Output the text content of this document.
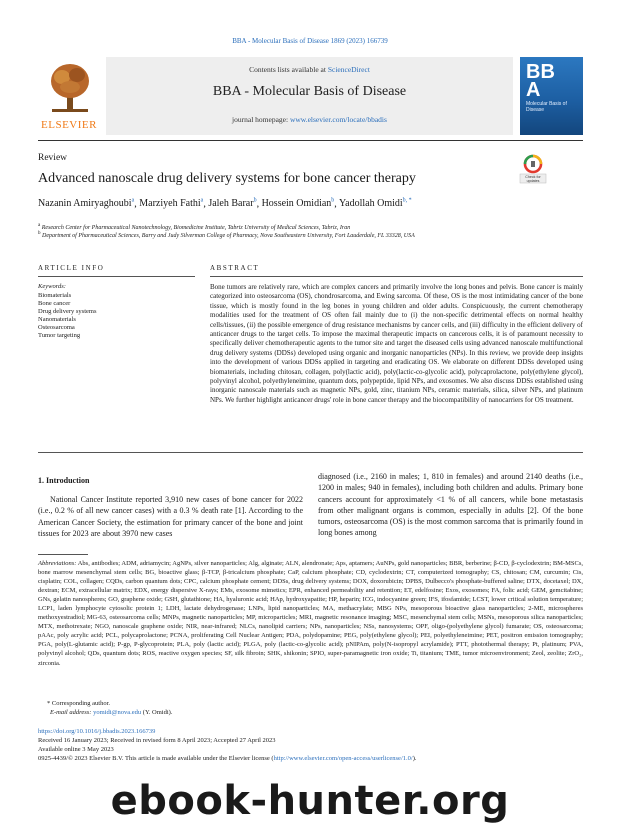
BBA - Molecular Basis of Disease 1869 (2023) 166739
ELSEVIER
Contents lists available at ScienceDirect
BBA - Molecular Basis of Disease
journal homepage: www.elsevier.com/locate/bbadis
BB
A
Molecular Basis of Disease
Review
Check for
updates
Advanced nanoscale drug delivery systems for bone cancer therapy
Nazanin Amiryaghoubi$^a$, Marziyeh Fathi$^a$, Jaleh Barar$^b$, Hossein Omidian$^b$, Yadollah Omidi$^{b, *}$
$^a$ Research Center for Pharmaceutical Nanotechnology, Biomedicine Institute, Tabriz University of Medical Sciences, Tabriz, Iran
$^b$ Department of Pharmaceutical Sciences, Barry and Judy Silverman College of Pharmacy, Nova Southeastern University, Fort Lauderdale, FL 33328, USA
ARTICLE INFO	ABSTRACT
Keywords:
Biomaterials
Bone cancer
Drug delivery systems
Nanomaterials
Osteosarcoma
Tumor targeting
Bone tumors are relatively rare, which are complex cancers and primarily involve the long bones and pelvis. Bone cancer is mainly categorized into osteosarcoma (OS), chondrosarcoma, and Ewing sarcoma. Of these, OS is the most intimidating cancer of the bone tissue, which is mostly found in the leg bones in young children and older adults. Conspicuously, the current chemotherapy modalities used for the treatment of OS often fail mainly due to (i) the non-specific detrimental effects on normal healthy cells/tissues, (ii) the possible emergence of drug resistance mechanisms by cancer cells, and (iii) difficulty in the efficient delivery of anticancer drugs to the target cells. To impose the maximal therapeutic impacts on cancerous cells, it is of paramount necessity to specifically deliver chemotherapeutic agents to the tumor site and target the diseased cells using advanced nanoscale multifunctional drug delivery systems (DDSs) developed using organic and inorganic nanoparticles (NPs). In this review, we provide deep insights into the development of various DDSs applied in targeting and eradicating OS. We elaborate on different DDSs developed using biomaterials, including chitosan, collagen, poly(lactic acid), poly(lactic-co-glycolic acid), polycaprolactone, poly(ethylene glycol), polyvinyl alcohol, polyethyleneimine, quantum dots, polypeptide, lipid NPs, and exosomes. We also discuss DDSs established using inorganic nanoscale materials such as magnetic NPs, gold, zinc, titanium NPs, ceramic materials, silica, silver NPs, and platinum NPs. We further highlight anticancer drugs' role in bone cancer therapy and the biocompatibility of nanocarriers for OS treatment.
1. Introduction
National Cancer Institute reported 3,910 new cases of bone cancer for 2022 (i.e., 0.2 % of all new cancer cases) with a 0.3 % death rate [1]. According to the American Cancer Society, the estimation for primary cancer of the bone and joint tissues for 2023 are about 3970 new cases
diagnosed (i.e., 2160 in males; 1, 810 in females) and around 2140 deaths (i.e., 1200 in males; 940 in females), including both children and adults. Primary bone cancers account for approximately <1 % of all cancers, while bone metastasis from other malignant organs is common, especially in adults [2]. Of the bone tumors, osteosarcoma (OS) is the most common sarcoma that is primarily found in long bones among
Abbreviations: Abs, antibodies; ADM, adriamycin; AgNPs, silver nanoparticles; Alg, alginate; ALN, alendronate; Aps, aptamers; AuNPs, gold nanoparticles; BBR, berberine; β-CD, β-cyclodextrin; BM-MSCs, bone marrow mesenchymal stem cells; BG, bioactive glass; β-TCP, β-tricalcium phosphate; CaP, calcium phosphate; CD, cyclodextrin; CT, computerized tomography; CS, chitosan; CM, curcumin; Cis, cisplatin; COL, collagen; CQDs, carbon quantum dots; CPC, calcium phosphate cement; DDSs, drug delivery systems; DOX, doxorubicin; DPBS, Dulbecco's phosphate-buffered saline; DTX, docetaxel; DX, dextran; ECM, extracellular matrix; EDX, energy dispersive X-rays; EMs, exosome mimetics; EPR, enhanced permeability and retention; ET, edelfosine; Exos, exosomes; FA, folic acid; GEM, gemcitabine; GNs, gelatin nanospheres; GO, graphene oxide; GSH, glutathione; HA, hyaluronic acid; HAp, hydroxyapatite; HP, heparin; ICG, indocyanine green; IFS, ifosfamide; LCST, lower critical solution temperature; LCP1, laden lymphocyte cytosolic protein 1; LDH, lactate dehydrogenase; LNPs, lipid nanoparticles; MA, methacrylate; MBG NPs, mesoporous bioactive glass nanoparticles; 2-ME, microspheres methoxyestradiol; MG-63, osteosarcoma cells; MNPs, magnetic nanoparticles; MP, microparticles; MRI, magnetic resonance imaging; MSC, mesenchymal stem cells; MSNs, mesoporous silica nanoparticles; MTX, methotrexate; NGO, nanoscale graphene oxide; NIR, near-infrared; NLCs, nanolipid carriers; NPs, nanoparticles; NSs, nanosystems; OPF, oligo-(polyethylene glycol) fumarate; OS, osteosarcoma; pAAc, poly acrylic acid; PCL, polycaprolactone; PCNA, proliferating Cell Nuclear Antigen; PDA, polydopamine; PEG, poly(ethylene glycol); PEI, polyethyleneimine; PET, positron emission tomography; PGA, poly(L-glutamic acid); P-gp, P-glycoprotein; PLA, poly (lactic acid); PLGA, poly (lactic-co-glycolic acid); pNIPAm, poly(N-isopropyl acrylamide); PTT, photothermal therapy; Pt, platinum; PVA, polyvinyl alcohol; QDs, quantum dots; ROS, reactive oxygen species; SF, silk fibroin; SHK, shikonin; SPIO, super-paramagnetic iron oxide; Ti, titanium; TME, tumor microenvironment; Zeol, zeolite; ZrO₂, zirconia.
* Corresponding author.
E-mail address: yomidi@nova.edu (Y. Omidi).
https://doi.org/10.1016/j.bbadis.2023.166739
Received 16 January 2023; Received in revised form 8 April 2023; Accepted 27 April 2023
Available online 3 May 2023
0925-4439/© 2023 Elsevier B.V. This article is made available under the Elsevier license (http://www.elsevier.com/open-access/userlicense/1.0/).
ebook-hunter.org
